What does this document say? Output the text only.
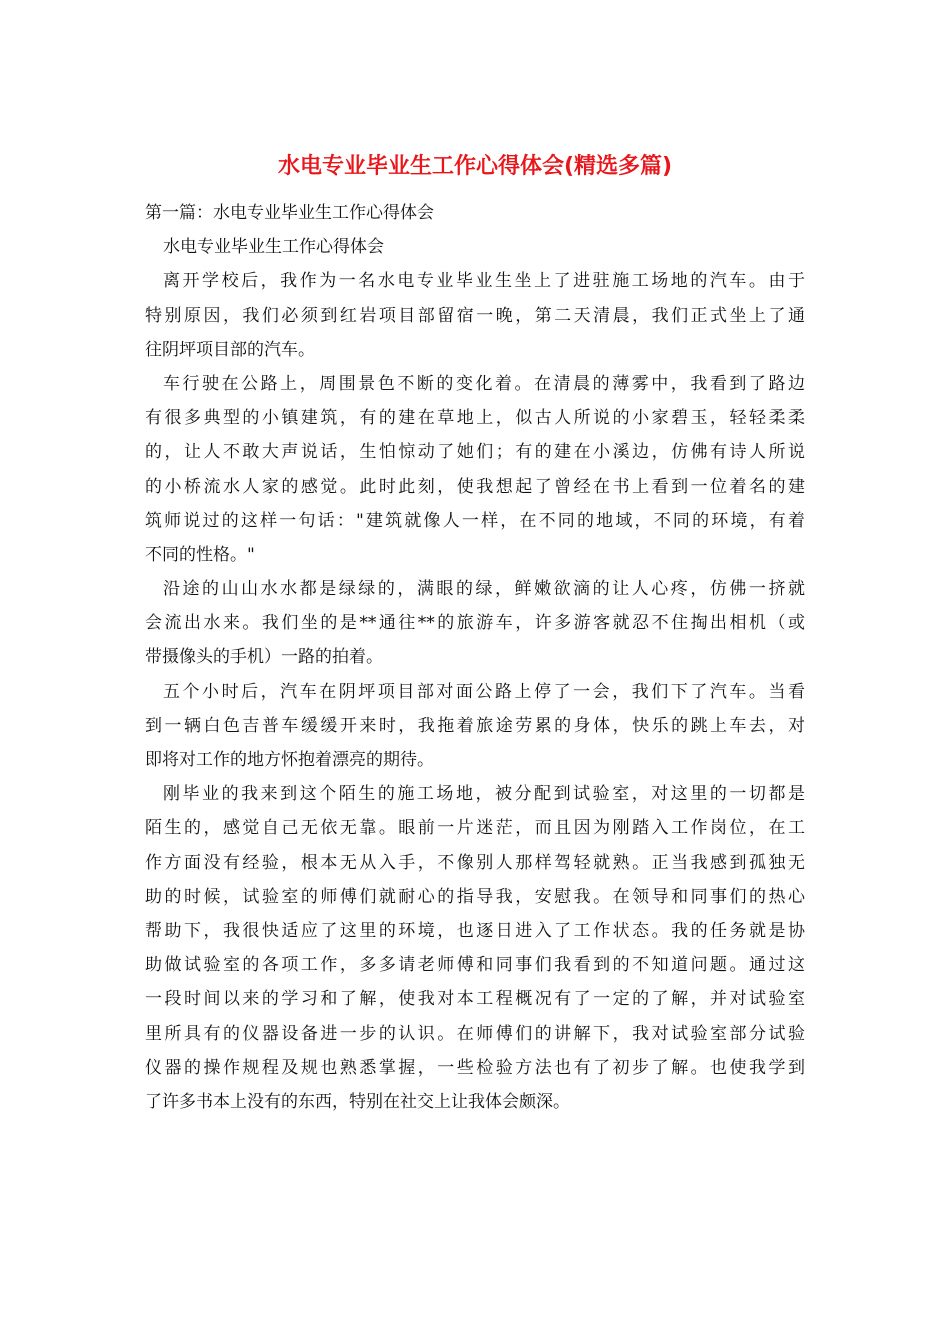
水电专业毕业生工作心得体会(精选多篇)
第一篇：水电专业毕业生工作心得体会
水电专业毕业生工作心得体会
离开学校后，我作为一名水电专业毕业生坐上了进驻施工场地的汽车。由于
特别原因，我们必须到红岩项目部留宿一晚，第二天清晨，我们正式坐上了通
往阴坪项目部的汽车。
车行驶在公路上，周围景色不断的变化着。在清晨的薄雾中，我看到了路边
有很多典型的小镇建筑，有的建在草地上，似古人所说的小家碧玉，轻轻柔柔
的，让人不敢大声说话，生怕惊动了她们；有的建在小溪边，仿佛有诗人所说
的小桥流水人家的感觉。此时此刻，使我想起了曾经在书上看到一位着名的建
筑师说过的这样一句话："建筑就像人一样，在不同的地域，不同的环境，有着
不同的性格。"
沿途的山山水水都是绿绿的，满眼的绿，鲜嫩欲滴的让人心疼，仿佛一挤就
会流出水来。我们坐的是**通往**的旅游车，许多游客就忍不住掏出相机（或
带摄像头的手机）一路的拍着。
五个小时后，汽车在阴坪项目部对面公路上停了一会，我们下了汽车。当看
到一辆白色吉普车缓缓开来时，我拖着旅途劳累的身体，快乐的跳上车去，对
即将对工作的地方怀抱着漂亮的期待。
刚毕业的我来到这个陌生的施工场地，被分配到试验室，对这里的一切都是
陌生的，感觉自己无依无靠。眼前一片迷茫，而且因为刚踏入工作岗位，在工
作方面没有经验，根本无从入手，不像别人那样驾轻就熟。正当我感到孤独无
助的时候，试验室的师傅们就耐心的指导我，安慰我。在领导和同事们的热心
帮助下，我很快适应了这里的环境，也逐日进入了工作状态。我的任务就是协
助做试验室的各项工作，多多请老师傅和同事们我看到的不知道问题。通过这
一段时间以来的学习和了解，使我对本工程概况有了一定的了解，并对试验室
里所具有的仪器设备进一步的认识。在师傅们的讲解下，我对试验室部分试验
仪器的操作规程及规也熟悉掌握，一些检验方法也有了初步了解。也使我学到
了许多书本上没有的东西，特别在社交上让我体会颇深。
